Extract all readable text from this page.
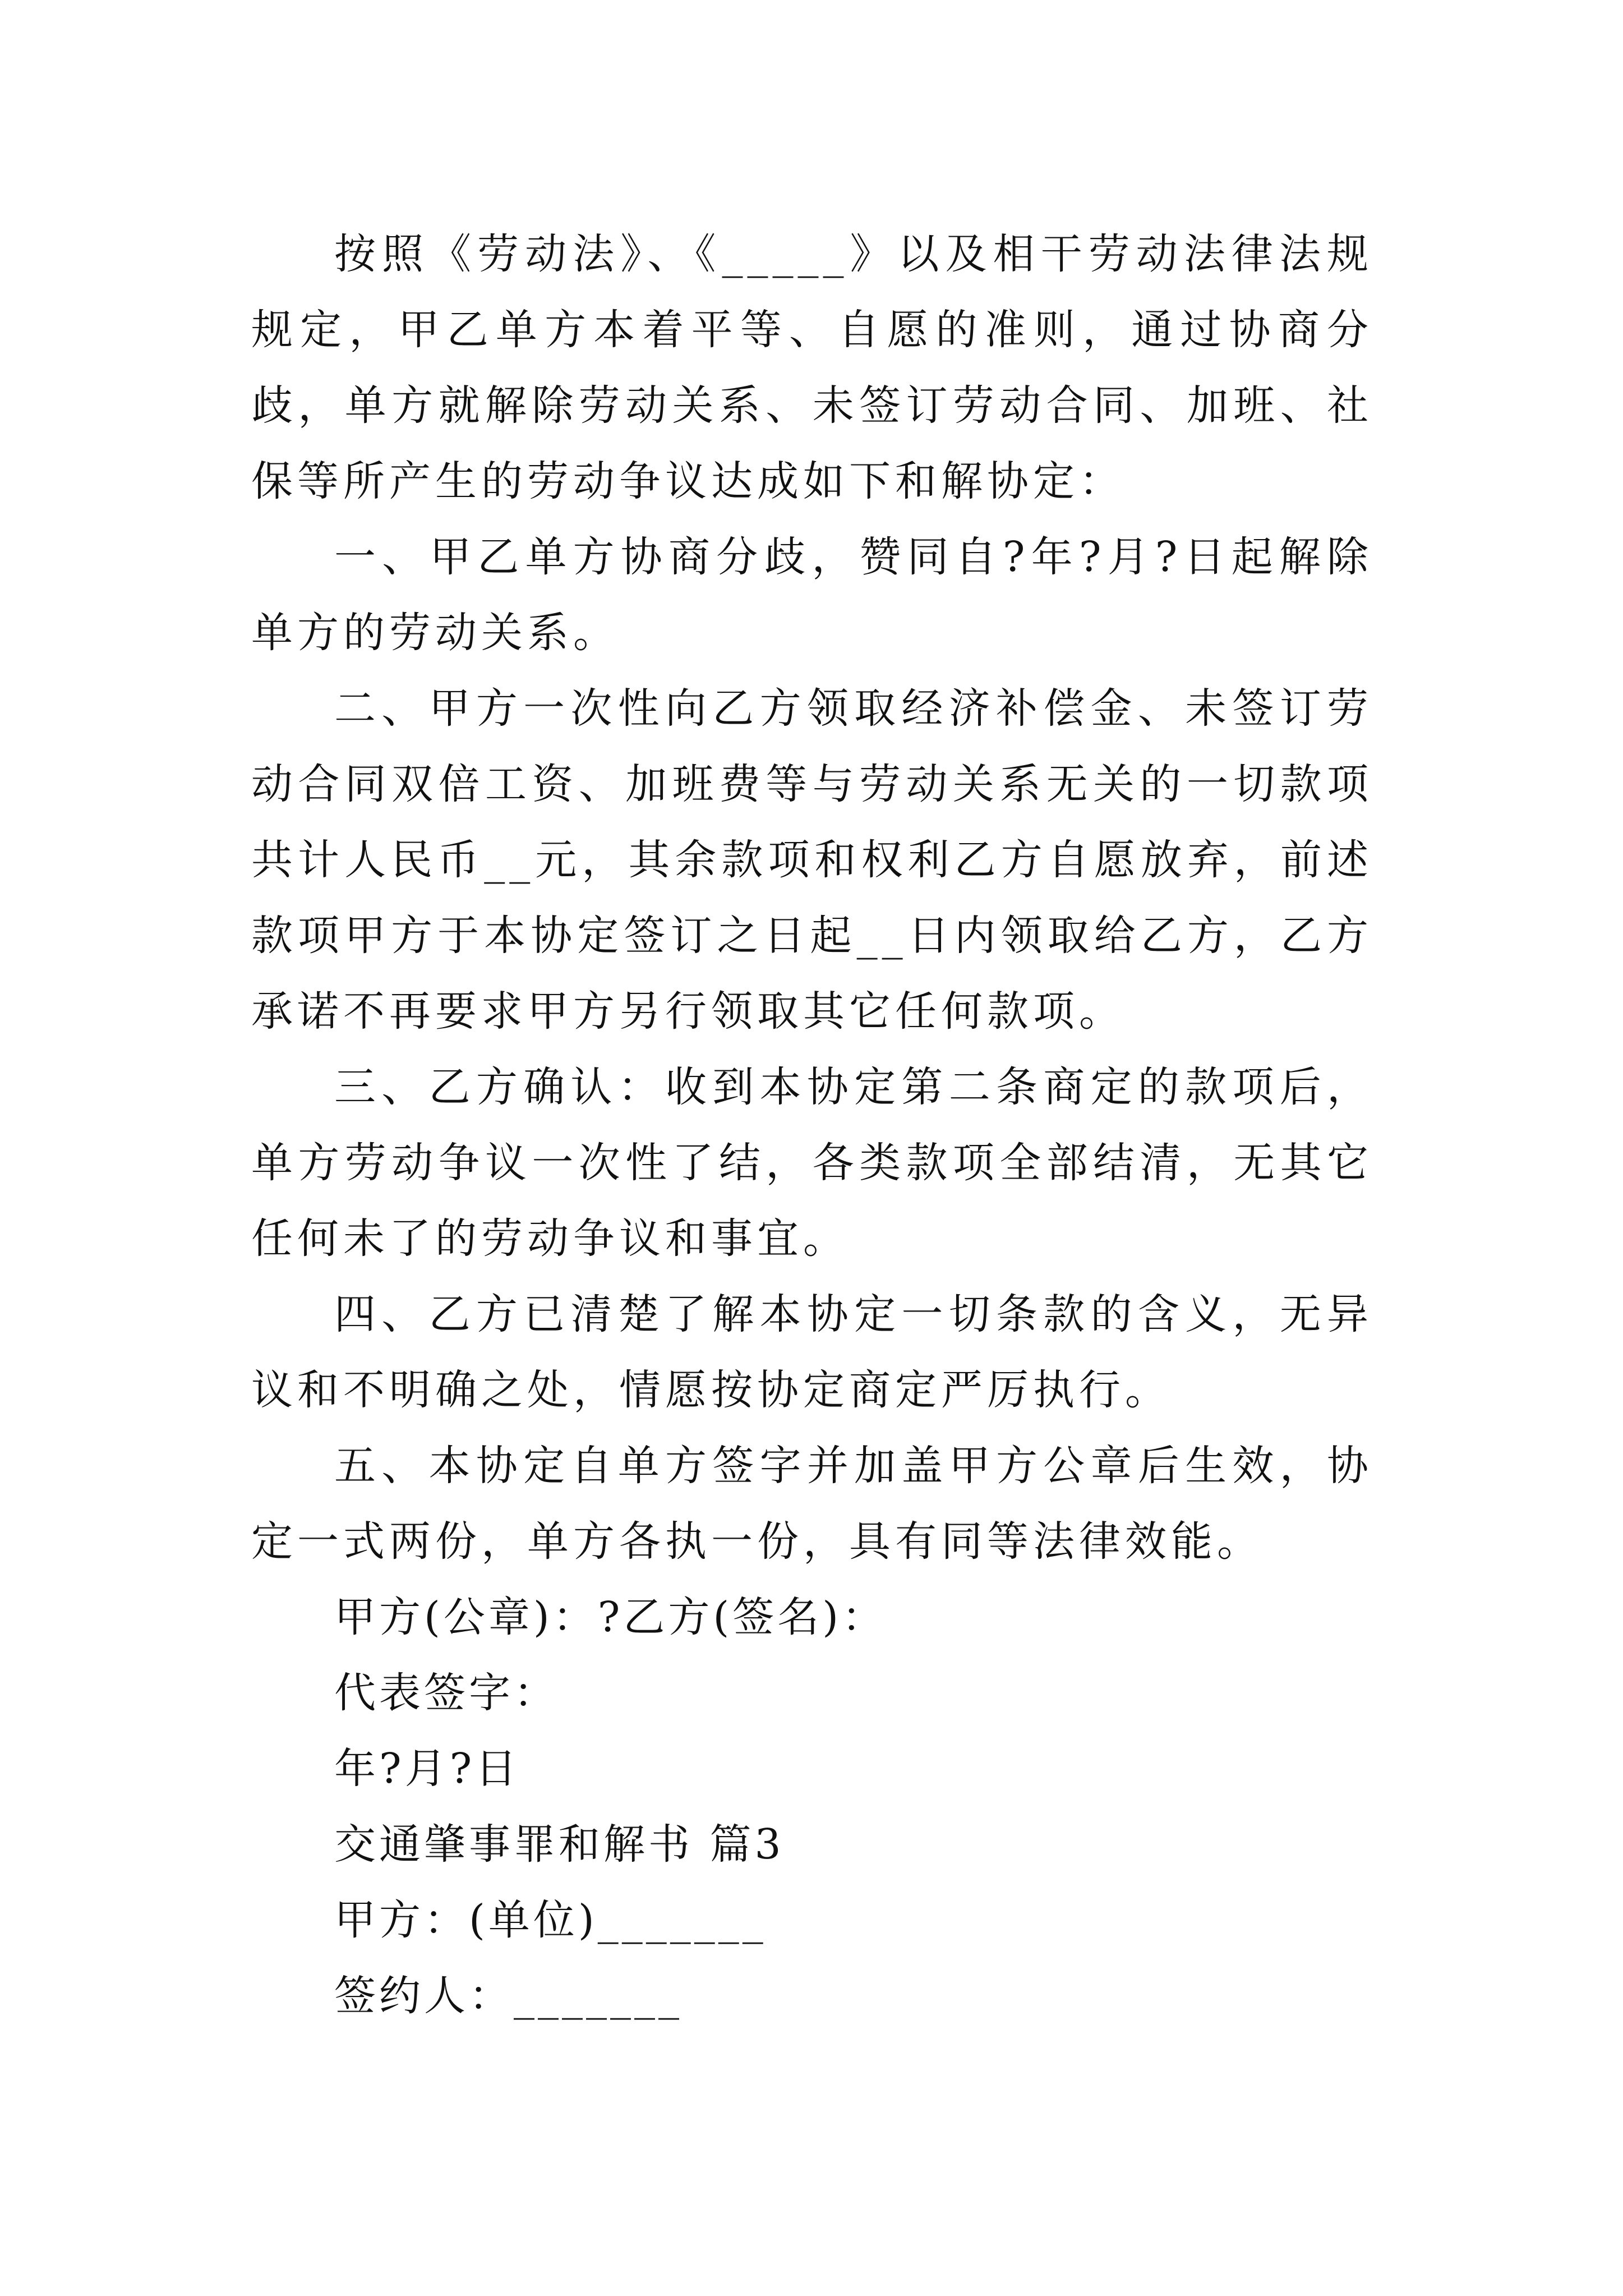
按照《劳动法》、《_____》以及相干劳动法律法规规定，甲乙单方本着平等、自愿的准则，通过协商分歧，单方就解除劳动关系、未签订劳动合同、加班、社保等所产生的劳动争议达成如下和解协定：

一、甲乙单方协商分歧，赞同自?年?月?日起解除单方的劳动关系。

二、甲方一次性向乙方领取经济补偿金、未签订劳动合同双倍工资、加班费等与劳动关系无关的一切款项共计人民币__元，其余款项和权利乙方自愿放弃，前述款项甲方于本协定签订之日起__日内领取给乙方，乙方承诺不再要求甲方另行领取其它任何款项。

三、乙方确认：收到本协定第二条商定的款项后，单方劳动争议一次性了结，各类款项全部结清，无其它任何未了的劳动争议和事宜。

四、乙方已清楚了解本协定一切条款的含义，无异议和不明确之处，情愿按协定商定严厉执行。

五、本协定自单方签字并加盖甲方公章后生效，协定一式两份，单方各执一份，具有同等法律效能。

甲方(公章)：?乙方(签名)：

代表签字：

年?月?日

交通肇事罪和解书 篇3

甲方：(单位)_______

签约人：_______
